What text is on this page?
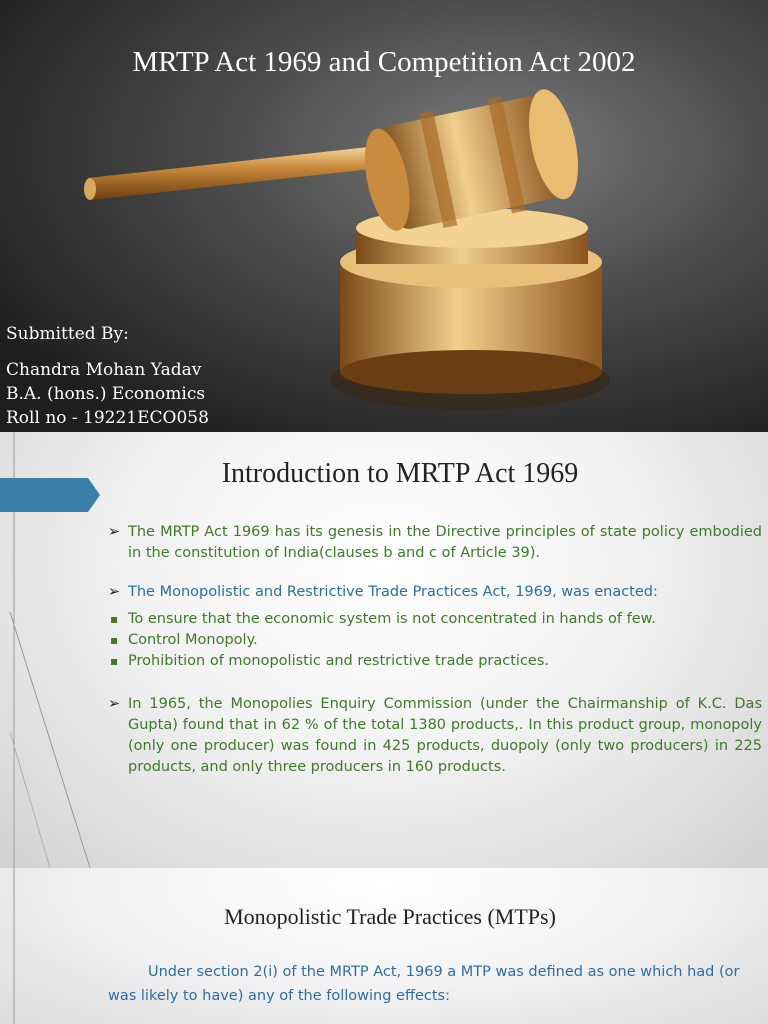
MRTP Act 1969 and Competition Act 2002
Submitted By:
Chandra Mohan Yadav
B.A. (hons.) Economics
Roll no - 19221ECO058
Introduction to MRTP Act 1969
➢ The MRTP Act 1969 has its genesis in the Directive principles of state policy embodied in the constitution of India(clauses b and c of Article 39).
➢ The Monopolistic and Restrictive Trade Practices Act, 1969, was enacted:
▪ To ensure that the economic system is not concentrated in hands of few.
▪ Control Monopoly.
▪ Prohibition of monopolistic and restrictive trade practices.
➢ In 1965, the Monopolies Enquiry Commission (under the Chairmanship of K.C. Das Gupta) found that in 62 % of the total 1380 products,. In this product group, monopoly (only one producer) was found in 425 products, duopoly (only two producers) in 225 products, and only three producers in 160 products.
Monopolistic Trade Practices (MTPs)
Under section 2(i) of the MRTP Act, 1969 a MTP was defined as one which had (or was likely to have) any of the following effects:
